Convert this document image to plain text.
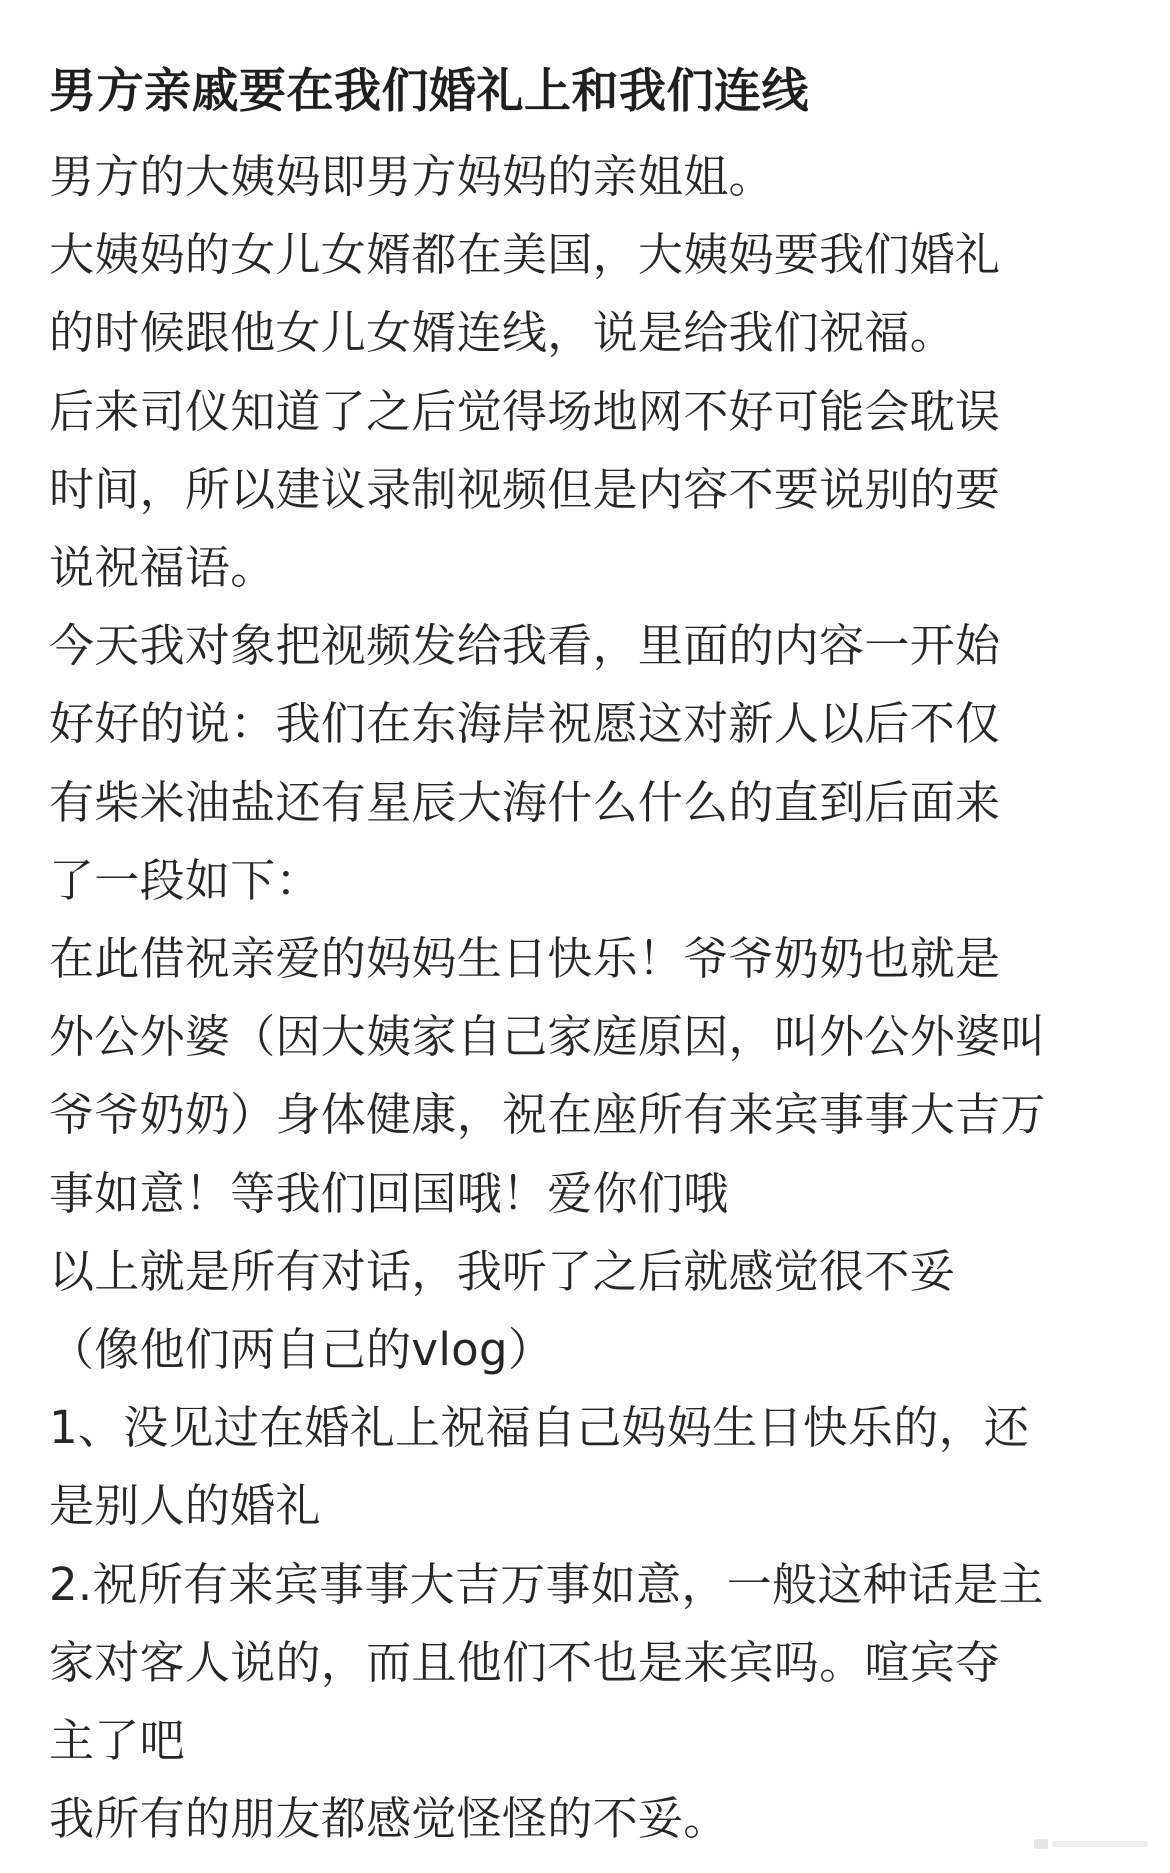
男方亲戚要在我们婚礼上和我们连线
男方的大姨妈即男方妈妈的亲姐姐。
大姨妈的女儿女婿都在美国，大姨妈要我们婚礼
的时候跟他女儿女婿连线，说是给我们祝福。
后来司仪知道了之后觉得场地网不好可能会耽误
时间，所以建议录制视频但是内容不要说别的要
说祝福语。
今天我对象把视频发给我看，里面的内容一开始
好好的说：我们在东海岸祝愿这对新人以后不仅
有柴米油盐还有星辰大海什么什么的直到后面来
了一段如下：
在此借祝亲爱的妈妈生日快乐！爷爷奶奶也就是
外公外婆（因大姨家自己家庭原因，叫外公外婆叫
爷爷奶奶）身体健康，祝在座所有来宾事事大吉万
事如意！等我们回国哦！爱你们哦
以上就是所有对话，我听了之后就感觉很不妥
（像他们两自己的vlog）
1、没见过在婚礼上祝福自己妈妈生日快乐的，还
是别人的婚礼
2.祝所有来宾事事大吉万事如意，一般这种话是主
家对客人说的，而且他们不也是来宾吗。喧宾夺
主了吧
我所有的朋友都感觉怪怪的不妥。
